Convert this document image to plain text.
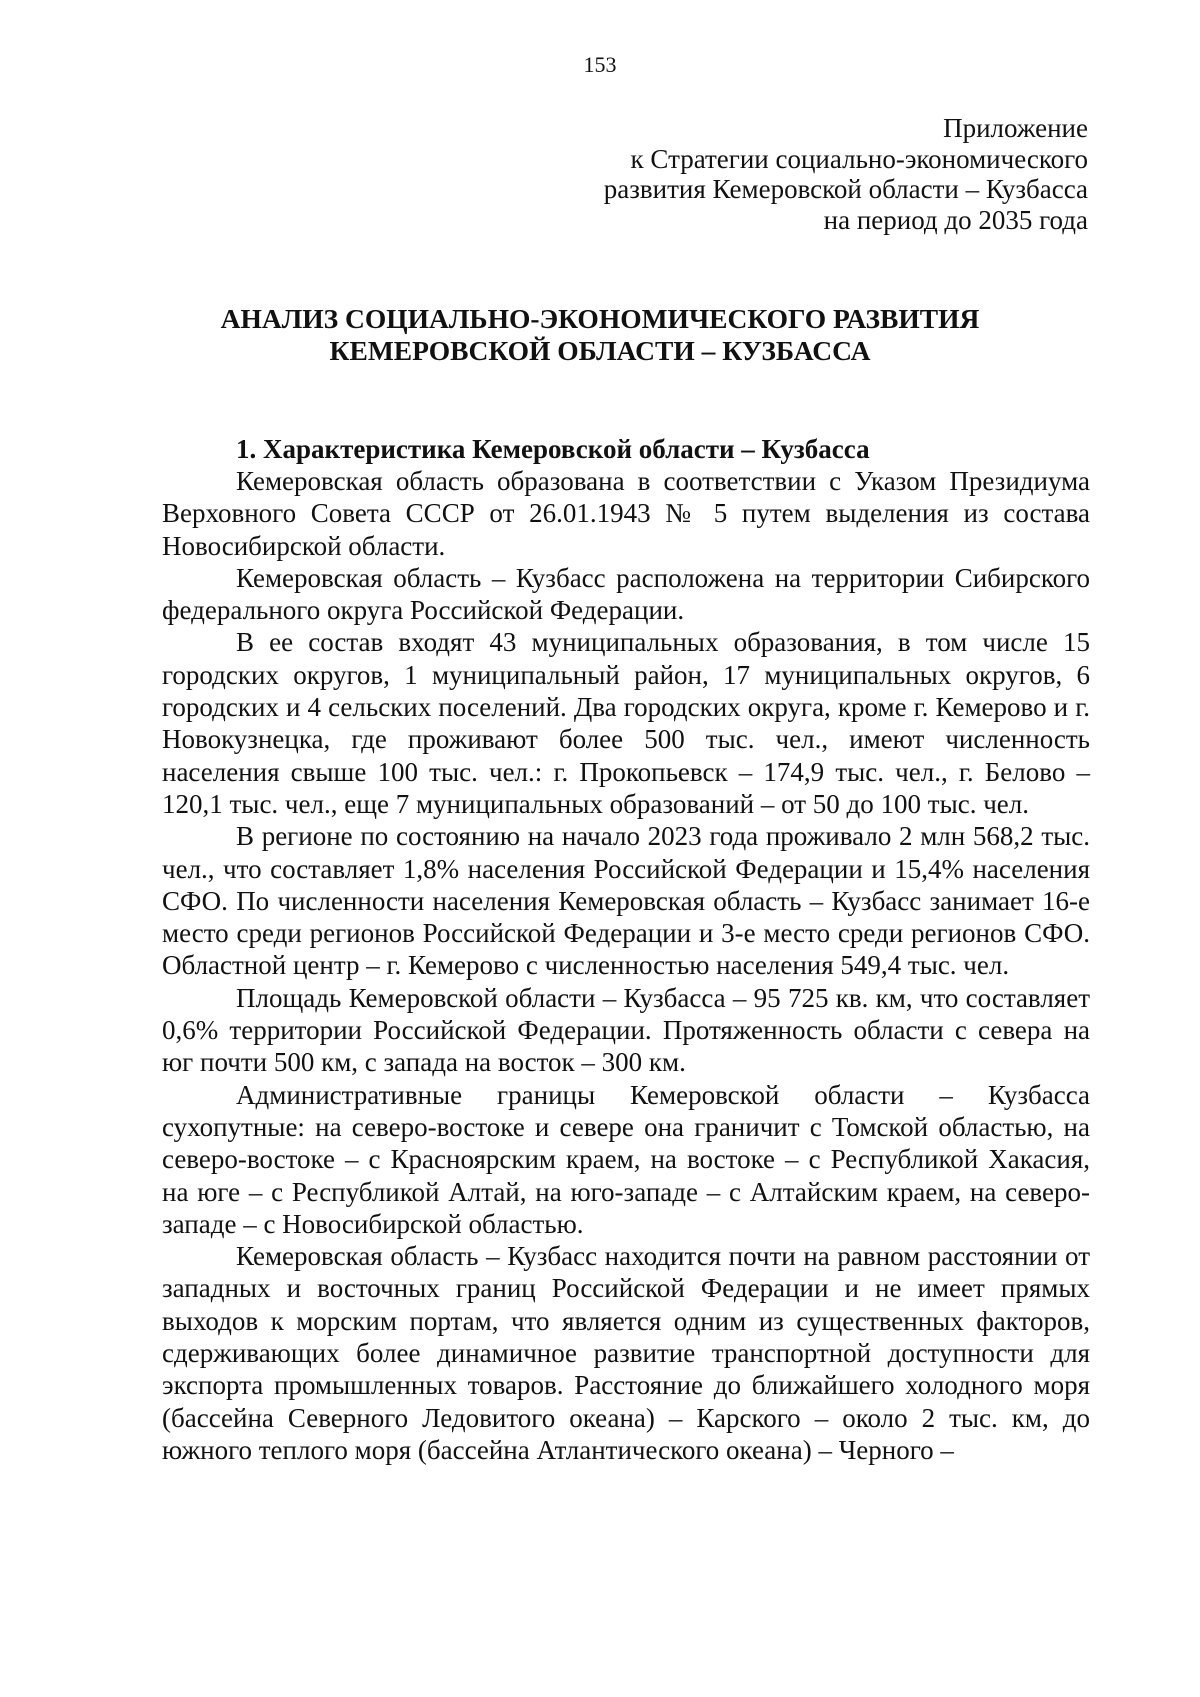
153
Приложение
к Стратегии социально-экономического
развития Кемеровской области – Кузбасса
на период до 2035 года
АНАЛИЗ СОЦИАЛЬНО-ЭКОНОМИЧЕСКОГО РАЗВИТИЯ
КЕМЕРОВСКОЙ ОБЛАСТИ – КУЗБАССА

1. Характеристика Кемеровской области – Кузбасса

Кемеровская область образована в соответствии с Указом Президиума Верховного Совета СССР от 26.01.1943 № 5 путем выделения из состава Новосибирской области.

Кемеровская область – Кузбасс расположена на территории Сибирского федерального округа Российской Федерации.

В ее состав входят 43 муниципальных образования, в том числе 15 городских округов, 1 муниципальный район, 17 муниципальных округов, 6 городских и 4 сельских поселений. Два городских округа, кроме г. Кемерово и г. Новокузнецка, где проживают более 500 тыс. чел., имеют численность населения свыше 100 тыс. чел.: г. Прокопьевск – 174,9 тыс. чел., г. Белово – 120,1 тыс. чел., еще 7 муниципальных образований – от 50 до 100 тыс. чел.

В регионе по состоянию на начало 2023 года проживало 2 млн 568,2 тыс. чел., что составляет 1,8% населения Российской Федерации и 15,4% населения СФО. По численности населения Кемеровская область – Кузбасс занимает 16-е место среди регионов Российской Федерации и 3-е место среди регионов СФО. Областной центр – г. Кемерово с численностью населения 549,4 тыс. чел.

Площадь Кемеровской области – Кузбасса – 95 725 кв. км, что составляет 0,6% территории Российской Федерации. Протяженность области с севера на юг почти 500 км, с запада на восток – 300 км.

Административные границы Кемеровской области – Кузбасса сухопутные: на северо-востоке и севере она граничит с Томской областью, на северо-востоке – с Красноярским краем, на востоке – с Республикой Хакасия, на юге – с Республикой Алтай, на юго-западе – с Алтайским краем, на северо-западе – с Новосибирской областью.

Кемеровская область – Кузбасс находится почти на равном расстоянии от западных и восточных границ Российской Федерации и не имеет прямых выходов к морским портам, что является одним из существенных факторов, сдерживающих более динамичное развитие транспортной доступности для экспорта промышленных товаров. Расстояние до ближайшего холодного моря (бассейна Северного Ледовитого океана) – Карского – около 2 тыс. км, до южного теплого моря (бассейна Атлантического океана) – Черного –
